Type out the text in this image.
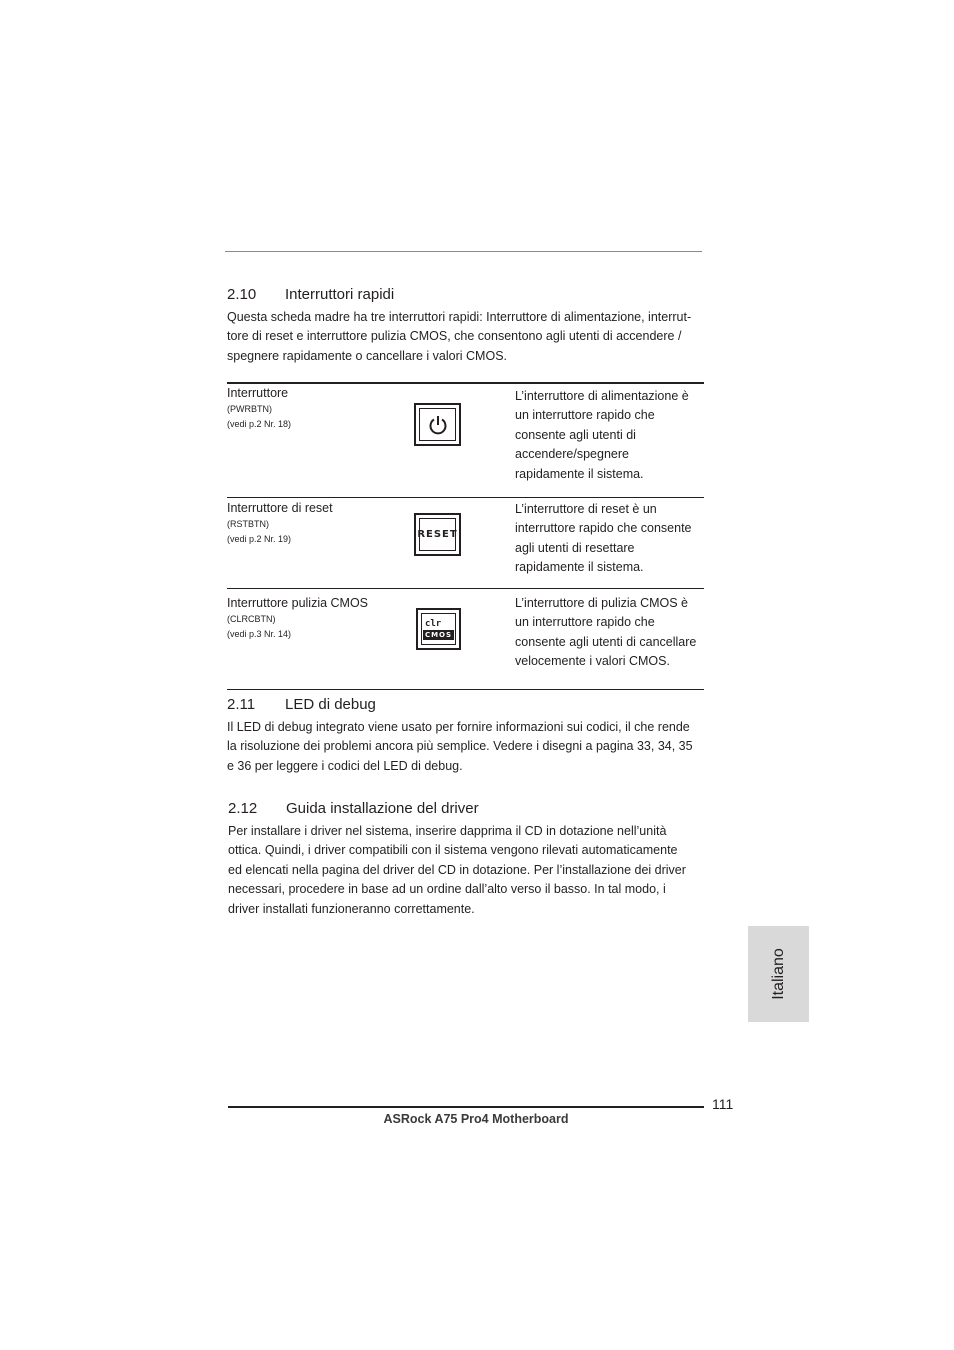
2.10 Interruttori rapidi
Questa scheda madre ha tre interruttori rapidi: Interruttore di alimentazione, interrut-
tore di reset e interruttore pulizia CMOS, che consentono agli utenti di accendere /
spegnere rapidamente o cancellare i valori CMOS.
Interruttore
(PWRBTN)
(vedi p.2 Nr. 18)
L’interruttore di alimentazione è
un interruttore rapido che
consente agli utenti di
accendere/spegnere
rapidamente il sistema.
Interruttore di reset
(RSTBTN)
(vedi p.2 Nr. 19)	RESET
L’interruttore di reset è un
interruttore rapido che consente
agli utenti di resettare
rapidamente il sistema.
Interruttore pulizia CMOS
(CLRCBTN)
(vedi p.3 Nr. 14)
clr
CMOS
L’interruttore di pulizia CMOS è
un interruttore rapido che
consente agli utenti di cancellare
velocemente i valori CMOS.
2.11 LED di debug
Il LED di debug integrato viene usato per fornire informazioni sui codici, il che rende
la risoluzione dei problemi ancora più semplice. Vedere i disegni a pagina 33, 34, 35
e 36 per leggere i codici del LED di debug.
2.12 Guida installazione del driver
Per installare i driver nel sistema, inserire dapprima il CD in dotazione nell’unità
ottica. Quindi, i driver compatibili con il sistema vengono rilevati automaticamente
ed elencati nella pagina del driver del CD in dotazione. Per l’installazione dei driver
necessari, procedere in base ad un ordine dall’alto verso il basso. In tal modo, i
driver installati funzioneranno correttamente.
Italiano
111
ASRock A75 Pro4 Motherboard
